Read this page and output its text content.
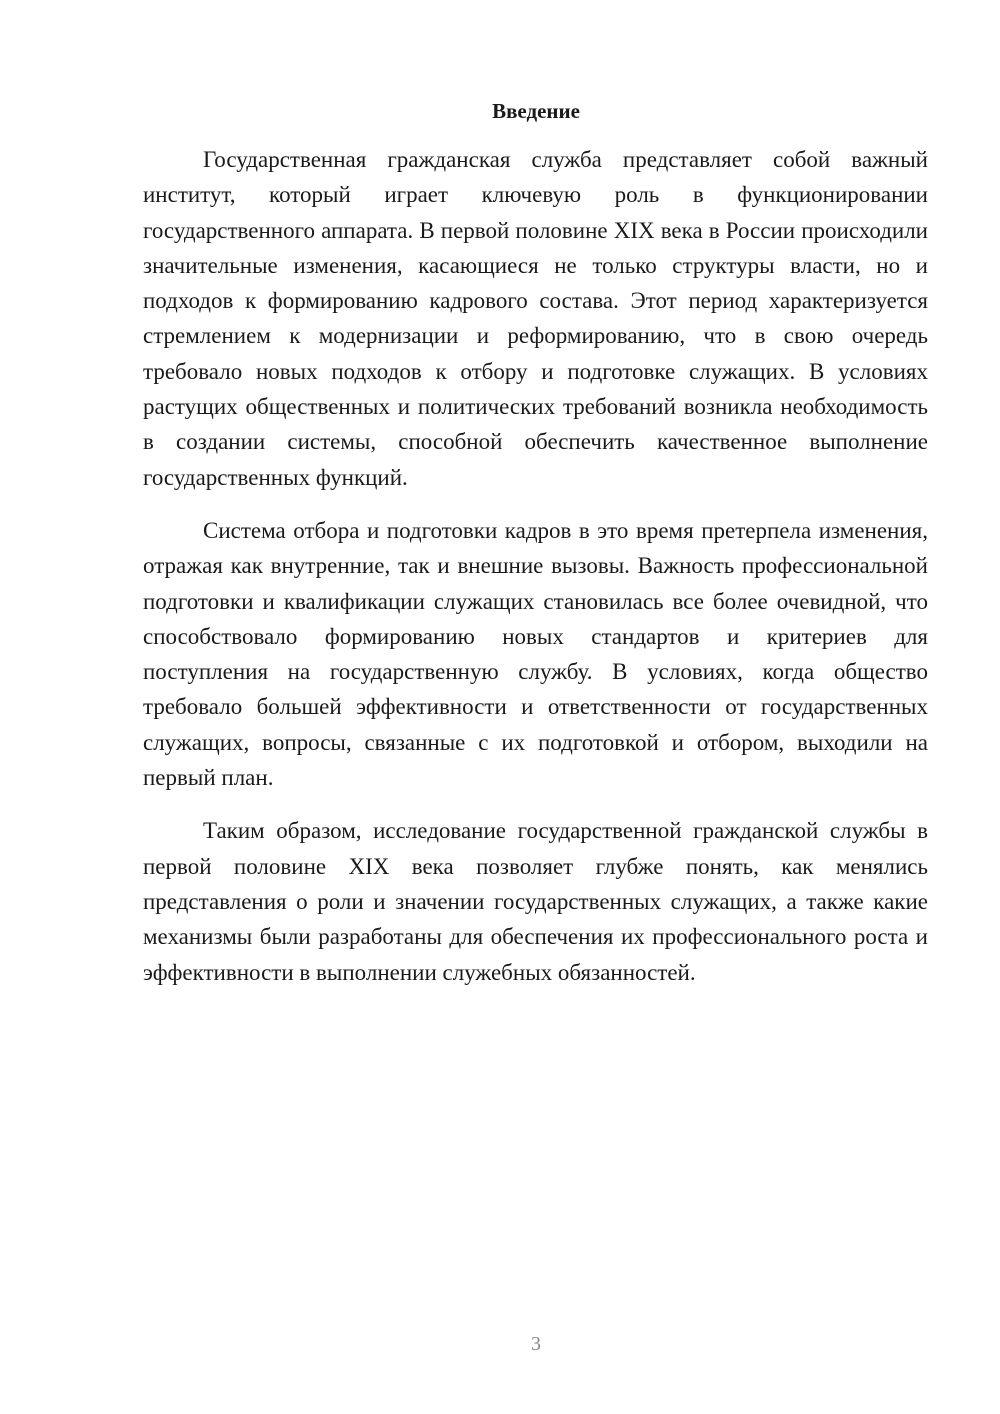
Введение

Государственная гражданская служба представляет собой важный институт, который играет ключевую роль в функционировании государственного аппарата. В первой половине XIX века в России происходили значительные изменения, касающиеся не только структуры власти, но и подходов к формированию кадрового состава. Этот период характеризуется стремлением к модернизации и реформированию, что в свою очередь требовало новых подходов к отбору и подготовке служащих. В условиях растущих общественных и политических требований возникла необходимость в создании системы, способной обеспечить качественное выполнение государственных функций.

Система отбора и подготовки кадров в это время претерпела изменения, отражая как внутренние, так и внешние вызовы. Важность профессиональной подготовки и квалификации служащих становилась все более очевидной, что способствовало формированию новых стандартов и критериев для поступления на государственную службу. В условиях, когда общество требовало большей эффективности и ответственности от государственных служащих, вопросы, связанные с их подготовкой и отбором, выходили на первый план.

Таким образом, исследование государственной гражданской службы в первой половине XIX века позволяет глубже понять, как менялись представления о роли и значении государственных служащих, а также какие механизмы были разработаны для обеспечения их профессионального роста и эффективности в выполнении служебных обязанностей.

3
